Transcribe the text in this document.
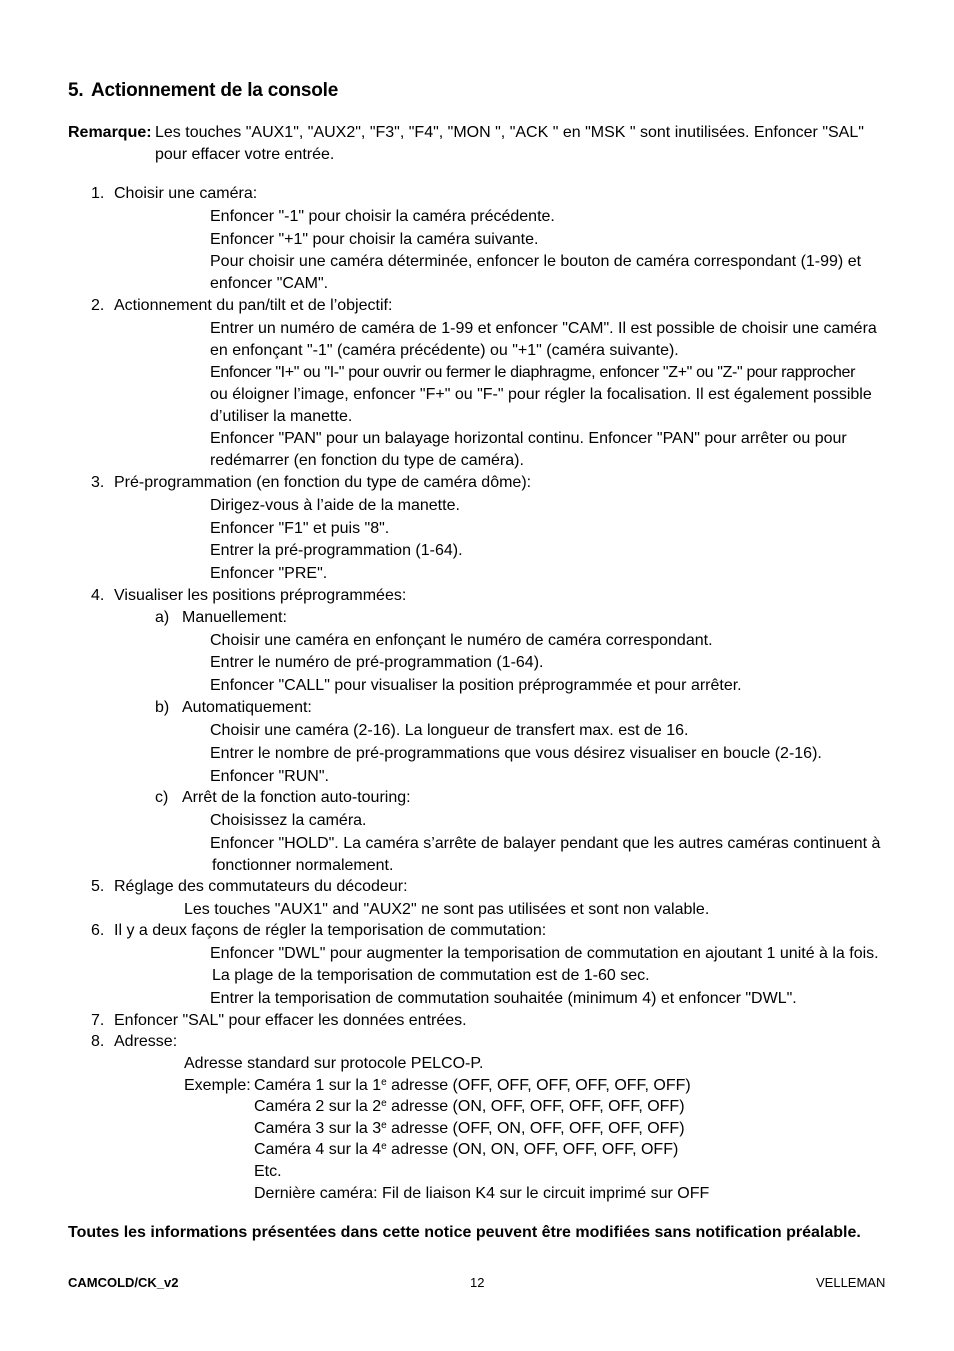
5. Actionnement de la console
Remarque: Les touches "AUX1", "AUX2", "F3", "F4", "MON ", "ACK " en "MSK " sont inutilisées. Enfoncer "SAL"
pour effacer votre entrée.
1. Choisir une caméra:
Enfoncer "-1" pour choisir la caméra précédente.
Enfoncer "+1" pour choisir la caméra suivante.
Pour choisir une caméra déterminée, enfoncer le bouton de caméra correspondant (1-99) et
enfoncer "CAM".
2. Actionnement du pan/tilt et de l’objectif:
Entrer un numéro de caméra de 1-99 et enfoncer "CAM". Il est possible de choisir une caméra
en enfonçant "-1" (caméra précédente) ou "+1" (caméra suivante).
Enfoncer "I+" ou "I-" pour ouvrir ou fermer le diaphragme, enfoncer "Z+" ou "Z-" pour rapprocher
ou éloigner l’image, enfoncer "F+" ou "F-" pour régler la focalisation. Il est également possible
d’utiliser la manette.
Enfoncer "PAN" pour un balayage horizontal continu. Enfoncer "PAN" pour arrêter ou pour
redémarrer (en fonction du type de caméra).
3. Pré-programmation (en fonction du type de caméra dôme):
Dirigez-vous à l’aide de la manette.
Enfoncer "F1" et puis "8".
Entrer la pré-programmation (1-64).
Enfoncer "PRE".
4. Visualiser les positions préprogrammées:
a) Manuellement:
Choisir une caméra en enfonçant le numéro de caméra correspondant.
Entrer le numéro de pré-programmation (1-64).
Enfoncer "CALL" pour visualiser la position préprogrammée et pour arrêter.
b) Automatiquement:
Choisir une caméra (2-16). La longueur de transfert max. est de 16.
Entrer le nombre de pré-programmations que vous désirez visualiser en boucle (2-16).
Enfoncer "RUN".
c) Arrêt de la fonction auto-touring:
Choisissez la caméra.
Enfoncer "HOLD". La caméra s’arrête de balayer pendant que les autres caméras continuent à
fonctionner normalement.
5. Réglage des commutateurs du décodeur:
Les touches "AUX1" and "AUX2" ne sont pas utilisées et sont non valable.
6. Il y a deux façons de régler la temporisation de commutation:
Enfoncer "DWL" pour augmenter la temporisation de commutation en ajoutant 1 unité à la fois.
La plage de la temporisation de commutation est de 1-60 sec.
Entrer la temporisation de commutation souhaitée (minimum 4) et enfoncer "DWL".
7. Enfoncer "SAL" pour effacer les données entrées.
8. Adresse:
Adresse standard sur protocole PELCO-P.
Exemple: Caméra 1 sur la 1e adresse (OFF, OFF, OFF, OFF, OFF, OFF)
Caméra 2 sur la 2e adresse (ON, OFF, OFF, OFF, OFF, OFF)
Caméra 3 sur la 3e adresse (OFF, ON, OFF, OFF, OFF, OFF)
Caméra 4 sur la 4e adresse (ON, ON, OFF, OFF, OFF, OFF)
Etc.
Dernière caméra: Fil de liaison K4 sur le circuit imprimé sur OFF
Toutes les informations présentées dans cette notice peuvent être modifiées sans notification préalable.
CAMCOLD/CK_v2	12	VELLEMAN
